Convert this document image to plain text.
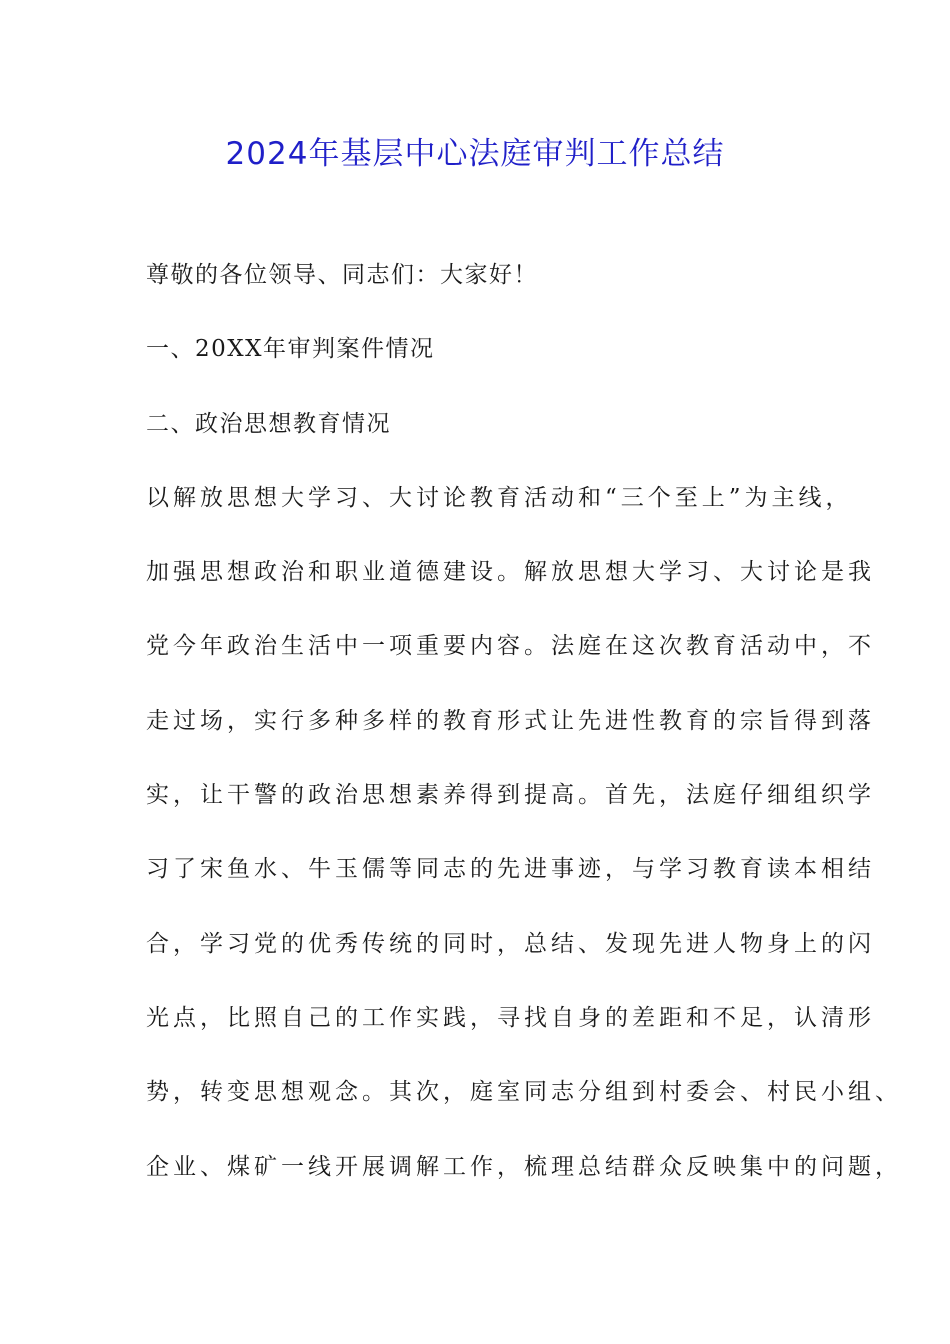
2024年基层中心法庭审判工作总结
尊敬的各位领导、同志们：大家好！
一、20XX年审判案件情况
二、政治思想教育情况
以解放思想大学习、大讨论教育活动和“三个至上”为主线，
加强思想政治和职业道德建设。解放思想大学习、大讨论是我
党今年政治生活中一项重要内容。法庭在这次教育活动中，不
走过场，实行多种多样的教育形式让先进性教育的宗旨得到落
实，让干警的政治思想素养得到提高。首先，法庭仔细组织学
习了宋鱼水、牛玉儒等同志的先进事迹，与学习教育读本相结
合，学习党的优秀传统的同时，总结、发现先进人物身上的闪
光点，比照自己的工作实践，寻找自身的差距和不足，认清形
势，转变思想观念。其次，庭室同志分组到村委会、村民小组、
企业、煤矿一线开展调解工作，梳理总结群众反映集中的问题，
